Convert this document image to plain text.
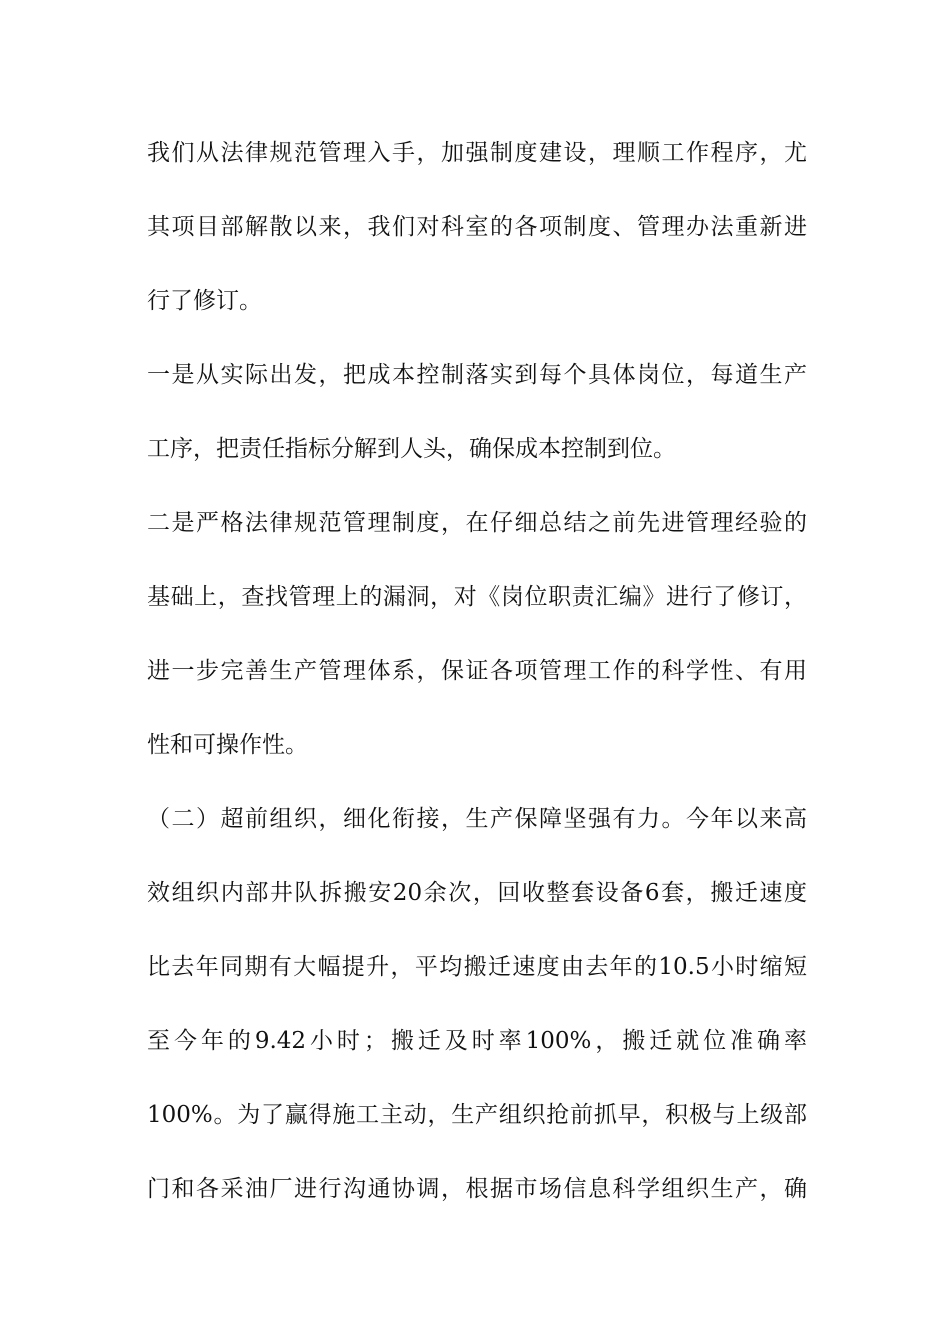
我们从法律规范管理入手，加强制度建设，理顺工作程序，尤
其项目部解散以来，我们对科室的各项制度、管理办法重新进
行了修订。
一是从实际出发，把成本控制落实到每个具体岗位，每道生产
工序，把责任指标分解到人头，确保成本控制到位。
二是严格法律规范管理制度，在仔细总结之前先进管理经验的
基础上，查找管理上的漏洞，对《岗位职责汇编》进行了修订，
进一步完善生产管理体系，保证各项管理工作的科学性、有用
性和可操作性。
（二）超前组织，细化衔接，生产保障坚强有力。今年以来高
效组织内部井队拆搬安20余次，回收整套设备6套，搬迁速度
比去年同期有大幅提升，平均搬迁速度由去年的10.5小时缩短
至今年的9.42小时；搬迁及时率100%，搬迁就位准确率
100%。为了赢得施工主动，生产组织抢前抓早，积极与上级部
门和各采油厂进行沟通协调，根据市场信息科学组织生产，确
